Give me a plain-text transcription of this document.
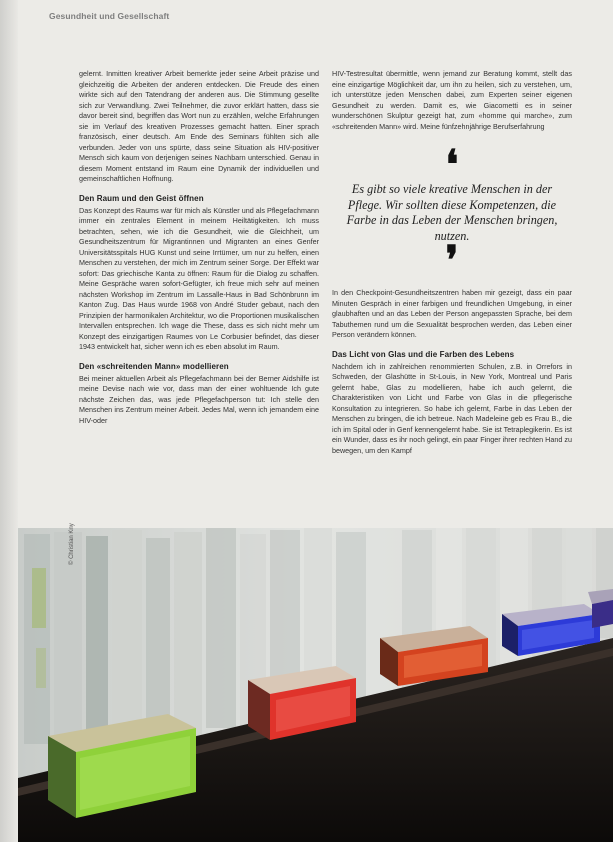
Gesundheit und Gesellschaft

gelernt. Inmitten kreativer Arbeit bemerkte jeder seine Arbeit präzise und gleichzeitig die Arbeiten der anderen entdecken. Die Freude des einen wirkte sich auf den Tatendrang der anderen aus. Die Stimmung gesellte sich zur Verwandlung. Zwei Teilnehmer, die zuvor erklärt hatten, dass sie davor bereit sind, begriffen das Wort nun zu erzählen, welche Erfahrungen sie im Verlauf des kreativen Prozesses gemacht hatten. Einer sprach französisch, einer deutsch. Am Ende des Seminars fühlten sich alle verbunden. Jeder von uns spürte, dass seine Situation als HIV-positiver Mensch sich kaum von derjenigen seines Nachbarn unterschied. Genau in diesem Moment entstand im Raum eine Dynamik der individuellen und gemeinschaftlichen Hoffnung.

Den Raum und den Geist öffnen

Das Konzept des Raums war für mich als Künstler und als Pflegefachmann immer ein zentrales Element in meinem Heiltätigkeiten. Ich muss betrachten, sehen, wie ich die Gesundheit, wie die Gleichheit, um Gesundheitszentrum für Migrantinnen und Migranten an eines Genfer Universitätsspitals HUG Kunst und seine Irrtümer, um nur zu helfen, einen Menschen zu verstehen, der mich im Zentrum seiner Sorge. Der Effekt war sofort: Das griechische Kanta zu öffnen: Raum für die Dialog zu schaffen. Meine Gespräche waren sofort-Gefügter, ich freue mich sehr auf meinen nächsten Workshop im Zentrum im Lassalle-Haus in Bad Schönbrunn im Kanton Zug. Das Haus wurde 1968 von André Studer gebaut, nach den Prinzipien der harmonikalen Architektur, wo die Proportionen musikalischen Intervallen entsprechen. Ich wage die These, dass es sich nicht mehr um Konzept des einzigartigen Raumes von Le Corbusier befindet, das dieser 1943 entwickelt hat, sicher wenn ich es eben absolut im Raum.

Den «schreitenden Mann» modellieren

Bei meiner aktuellen Arbeit als Pflegefachmann bei der Berner Aidshilfe ist meine Devise nach wie vor, dass man der einer wohltuende Ich gute nächste Zeichen das, was jede Pflegefachperson tut: Ich stelle den Menschen ins Zentrum meiner Arbeit. Jedes Mal, wenn ich jemandem eine HIV-oder

HIV-Testresultat übermittle, wenn jemand zur Beratung kommt, stellt das eine einzigartige Möglichkeit dar, um ihn zu heilen, sich zu verstehen, um, ich unterstütze jeden Menschen dabei, zum Experten seiner eigenen Gesundheit zu werden. Damit es, wie Giacometti es in seiner wunderschönen Skulptur gezeigt hat, zum «homme qui marche», zum «schreitenden Mann» wird. Meine fünfzehnjährige Berufserfahrung

❛
Es gibt so viele kreative Menschen in der Pflege. Wir sollten diese Kompetenzen, die Farbe in das Leben der Menschen bringen, nutzen.
❜

In den Checkpoint-Gesundheitszentren haben mir gezeigt, dass ein paar Minuten Gespräch in einer farbigen und freundlichen Umgebung, in einer glaubhaften und an das Leben der Person angepassten Sprache, bei dem Tabuthemen rund um die Sexualität besprochen werden, das Leben einer Person verändern können.

Das Licht von Glas und die Farben des Lebens

Nachdem ich in zahlreichen renommierten Schulen, z.B. in Orrefors in Schweden, der Glashütte in St-Louis, in New York, Montreal und Paris gelernt habe, Glas zu modellieren, habe ich auch gelernt, die Charakteristiken von Licht und Farbe von Glas in die pflegerische Konsultation zu integrieren. So habe ich gelernt, Farbe in das Leben der Menschen zu bringen, die ich betreue. Nach Madeleine geb es Frau B., die ich im Spital oder in Genf kennengelernt habe. Sie ist Tetraplegikerin. Es ist ein Wunder, dass es ihr noch gelingt, ein paar Finger ihrer rechten Hand zu bewegen, um den Kampf

© Christian Kny
